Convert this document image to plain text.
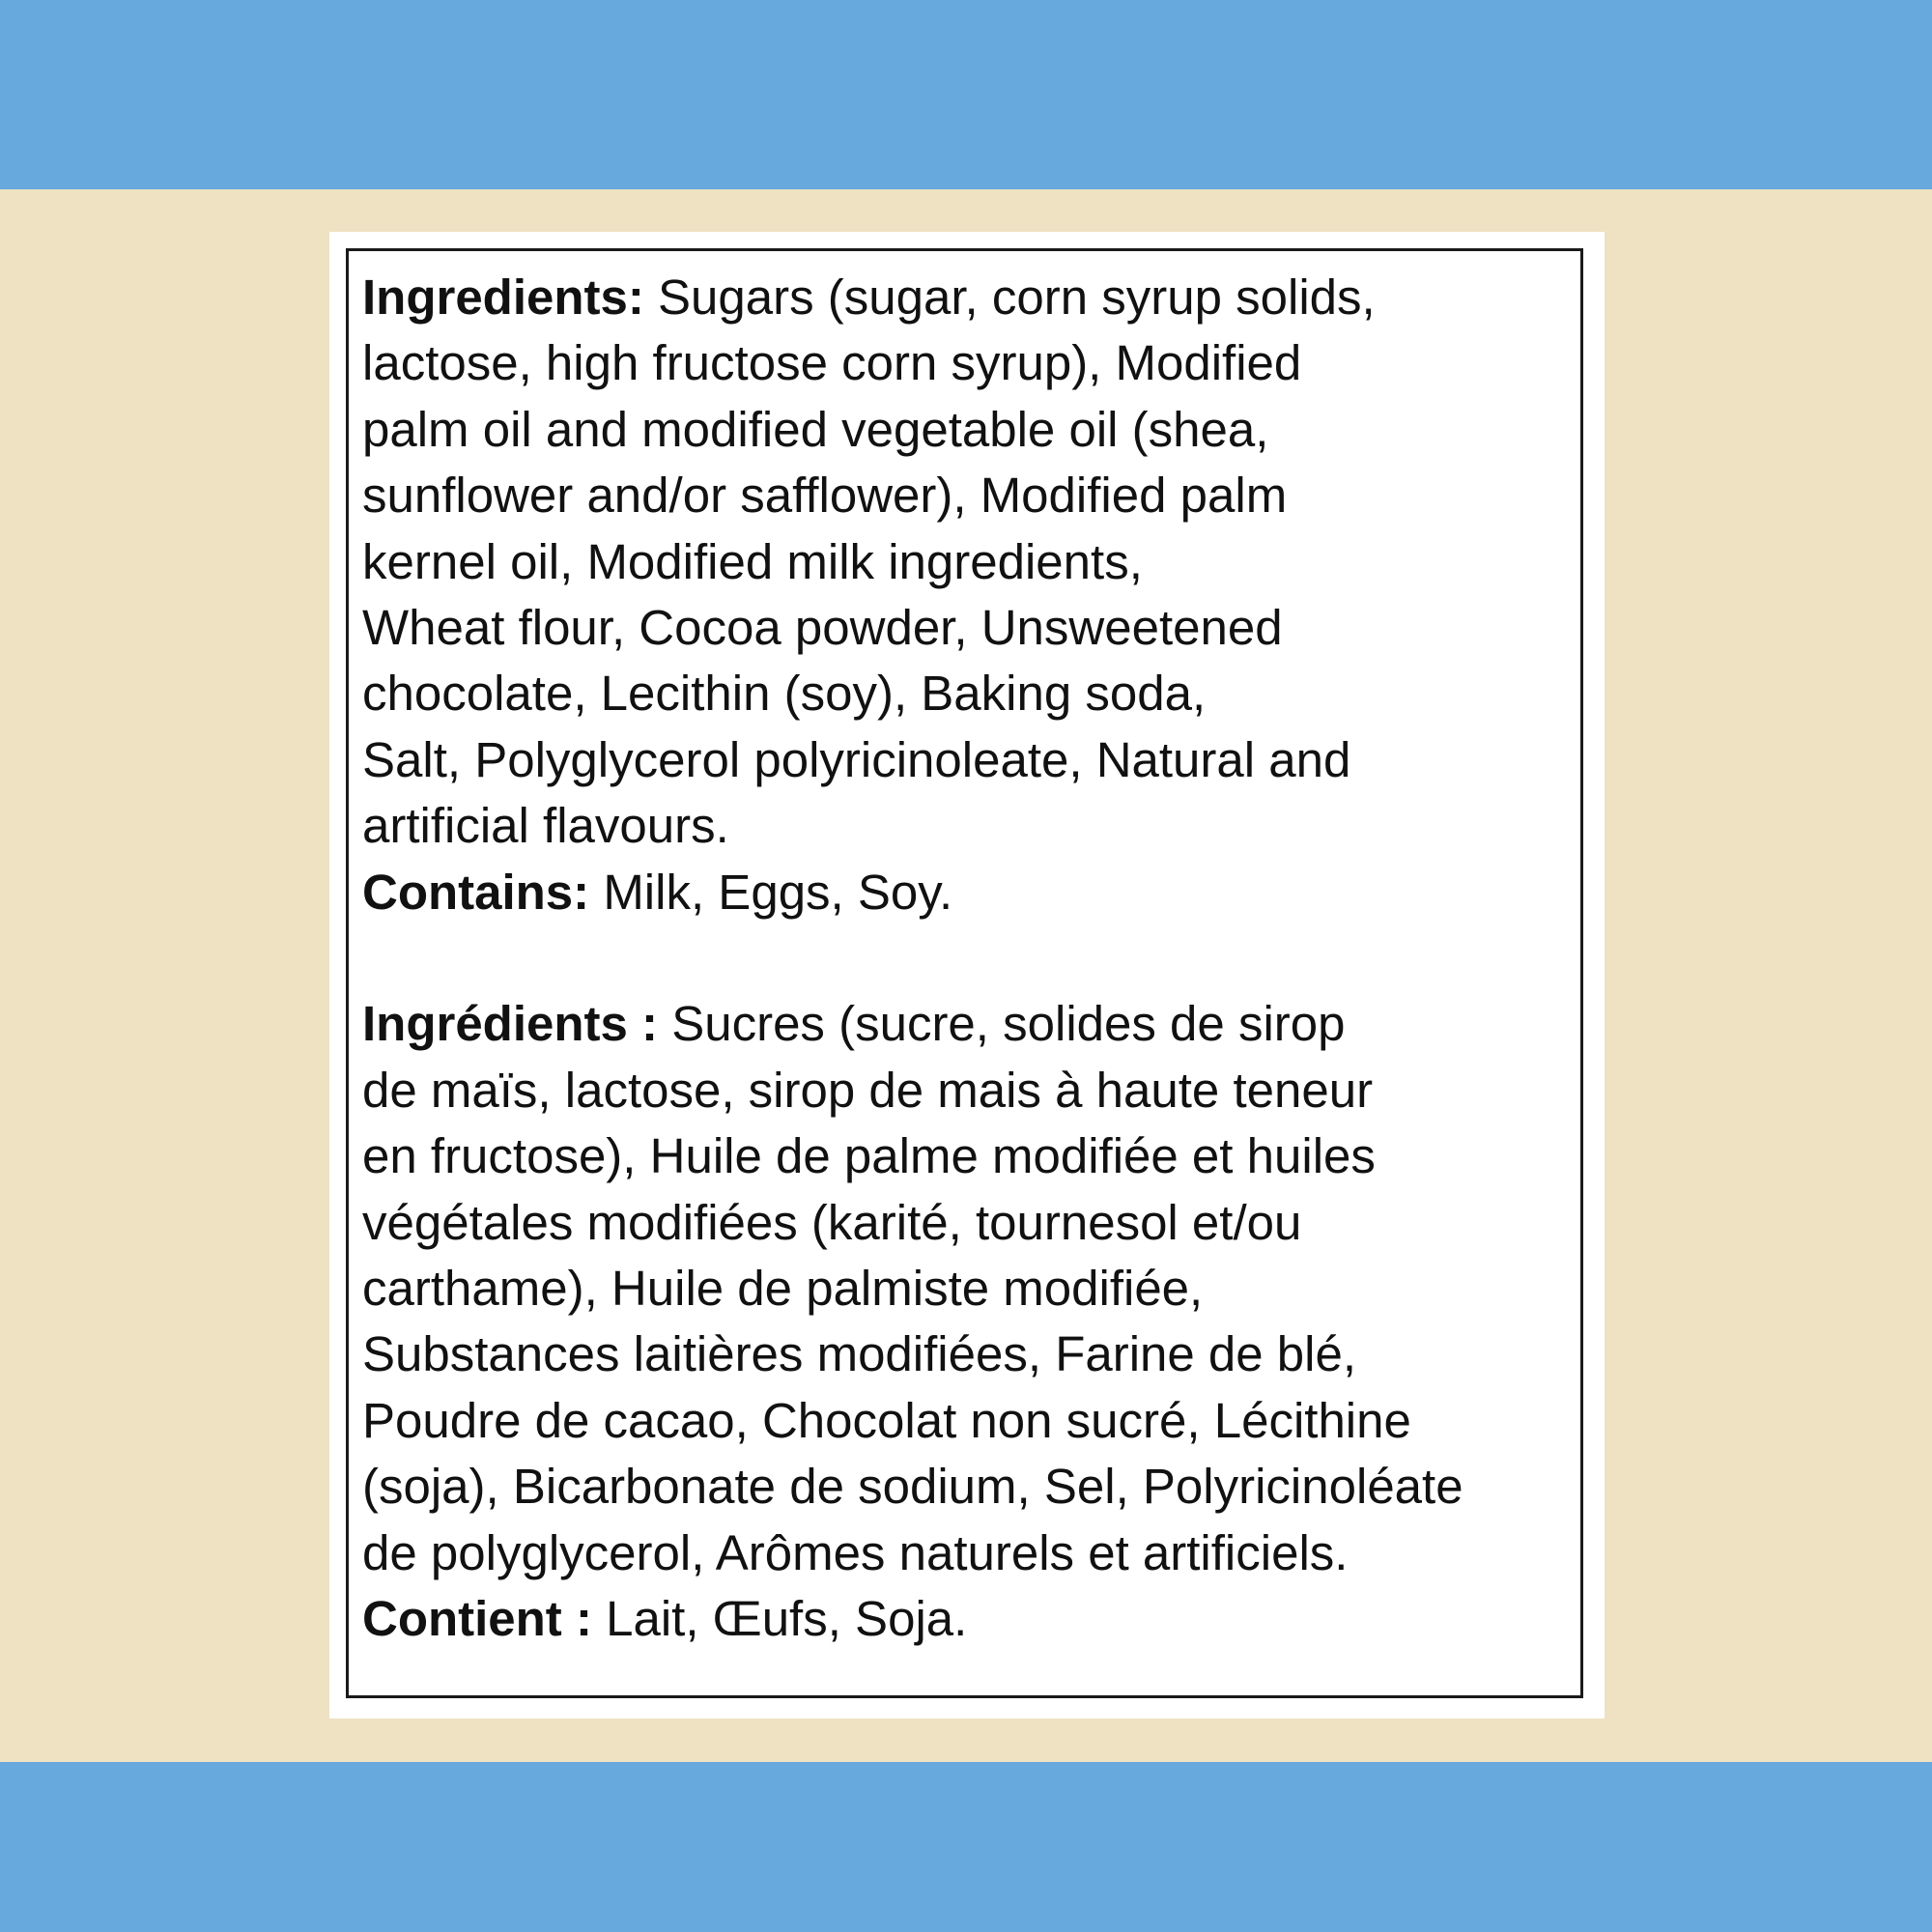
Ingredients: Sugars (sugar, corn syrup solids,
lactose, high fructose corn syrup), Modified
palm oil and modified vegetable oil (shea,
sunflower and/or safflower), Modified palm
kernel oil, Modified milk ingredients,
Wheat flour, Cocoa powder, Unsweetened
chocolate, Lecithin (soy), Baking soda,
Salt, Polyglycerol polyricinoleate, Natural and
artificial flavours.
Contains: Milk, Eggs, Soy.
Ingrédients : Sucres (sucre, solides de sirop
de maïs, lactose, sirop de mais à haute teneur
en fructose), Huile de palme modifiée et huiles
végétales modifiées (karité, tournesol et/ou
carthame), Huile de palmiste modifiée,
Substances laitières modifiées, Farine de blé,
Poudre de cacao, Chocolat non sucré, Lécithine
(soja), Bicarbonate de sodium, Sel, Polyricinoléate
de polyglycerol, Arômes naturels et artificiels.
Contient : Lait, Œufs, Soja.
